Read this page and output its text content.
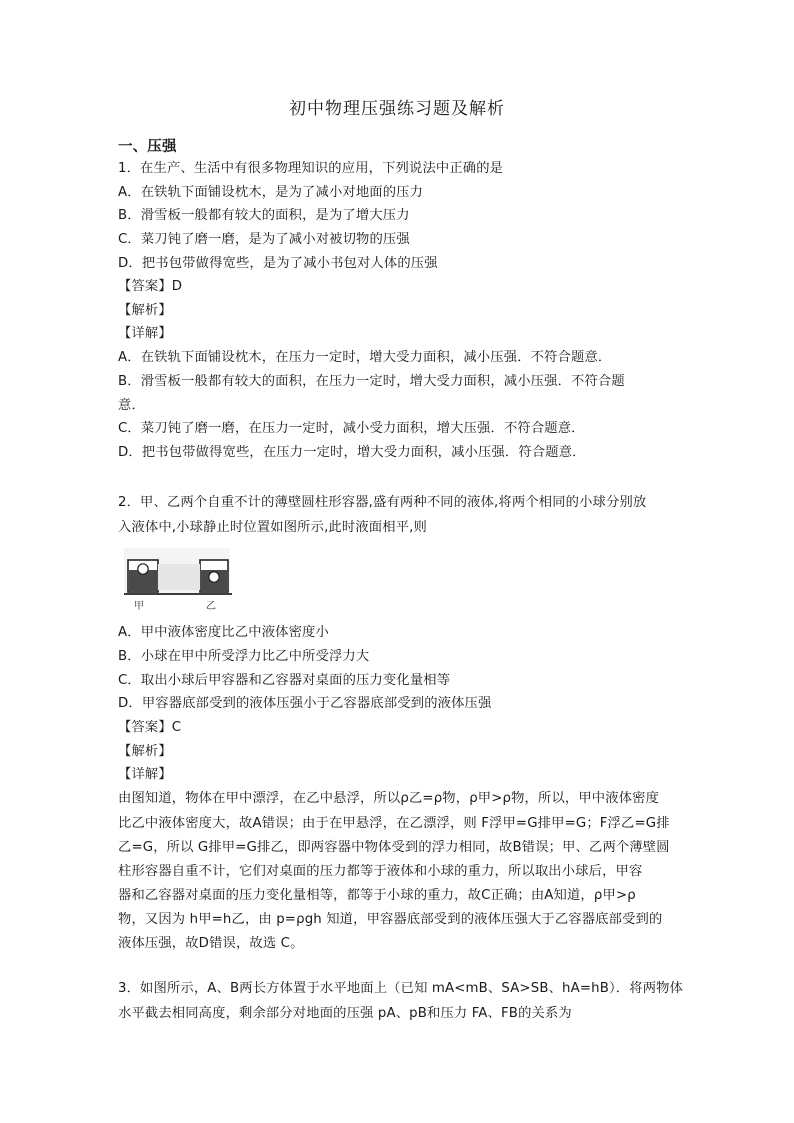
初中物理压强练习题及解析
一、压强
1．在生产、生活中有很多物理知识的应用，下列说法中正确的是
A．在铁轨下面铺设枕木，是为了减小对地面的压力
B．滑雪板一般都有较大的面积，是为了增大压力
C．菜刀钝了磨一磨，是为了减小对被切物的压强
D．把书包带做得宽些，是为了减小书包对人体的压强
【答案】D
【解析】
【详解】
A．在铁轨下面铺设枕木，在压力一定时，增大受力面积，减小压强．不符合题意．
B．滑雪板一般都有较大的面积，在压力一定时，增大受力面积，减小压强．不符合题
意．
C．菜刀钝了磨一磨，在压力一定时，减小受力面积，增大压强．不符合题意．
D．把书包带做得宽些，在压力一定时，增大受力面积，减小压强．符合题意．
2．甲、乙两个自重不计的薄壁圆柱形容器,盛有两种不同的液体,将两个相同的小球分别放
入液体中,小球静止时位置如图所示,此时液面相平,则
甲	乙
A．甲中液体密度比乙中液体密度小
B．小球在甲中所受浮力比乙中所受浮力大
C．取出小球后甲容器和乙容器对桌面的压力变化量相等
D．甲容器底部受到的液体压强小于乙容器底部受到的液体压强
【答案】C
【解析】
【详解】
由图知道，物体在甲中漂浮，在乙中悬浮，所以ρ乙=ρ物，ρ甲>ρ物，所以，甲中液体密度
比乙中液体密度大，故A错误；由于在甲悬浮，在乙漂浮，则 F浮甲=G排甲=G；F浮乙=G排
乙=G，所以 G排甲=G排乙，即两容器中物体受到的浮力相同，故B错误；甲、乙两个薄壁圆
柱形容器自重不计，它们对桌面的压力都等于液体和小球的重力，所以取出小球后，甲容
器和乙容器对桌面的压力变化量相等，都等于小球的重力，故C正确；由A知道，ρ甲>ρ
物，又因为 h甲=h乙，由 p=ρgh 知道，甲容器底部受到的液体压强大于乙容器底部受到的
液体压强，故D错误，故选 C。
3．如图所示，A、B两长方体置于水平地面上（已知 mA<mB、SA>SB、hA=hB）．将两物体
水平截去相同高度，剩余部分对地面的压强 pA、pB和压力 FA、FB的关系为
